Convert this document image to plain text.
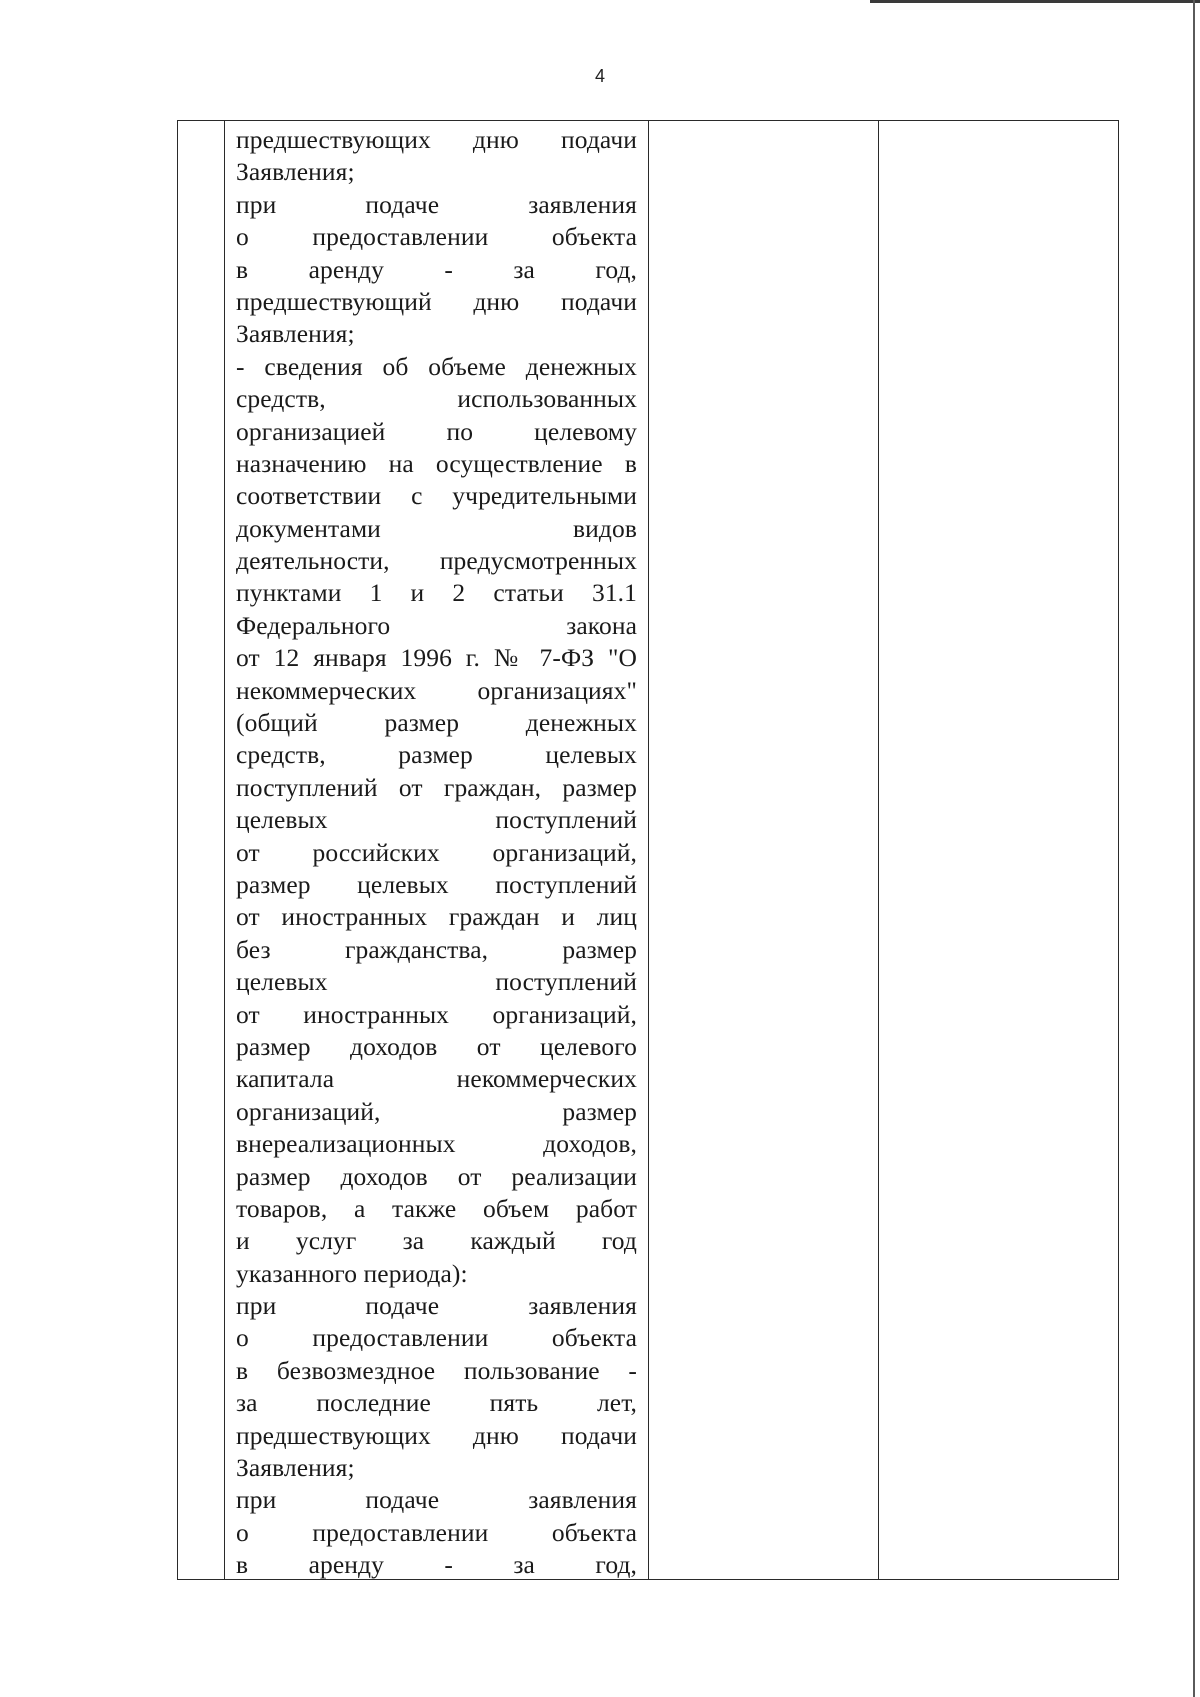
4
предшествующих дню подачи
Заявления;
при подаче заявления
о предоставлении объекта
в аренду - за год,
предшествующий дню подачи
Заявления;
- сведения об объеме денежных
средств, использованных
организацией по целевому
назначению на осуществление в
соответствии с учредительными
документами видов
деятельности, предусмотренных
пунктами 1 и 2 статьи 31.1
Федерального закона
от 12 января 1996 г. № 7-ФЗ "О
некоммерческих организациях"
(общий размер денежных
средств, размер целевых
поступлений от граждан, размер
целевых поступлений
от российских организаций,
размер целевых поступлений
от иностранных граждан и лиц
без гражданства, размер
целевых поступлений
от иностранных организаций,
размер доходов от целевого
капитала некоммерческих
организаций, размер
внереализационных доходов,
размер доходов от реализации
товаров, а также объем работ
и услуг за каждый год
указанного периода):
при подаче заявления
о предоставлении объекта
в безвозмездное пользование -
за последние пять лет,
предшествующих дню подачи
Заявления;
при подаче заявления
о предоставлении объекта
в аренду - за год,
